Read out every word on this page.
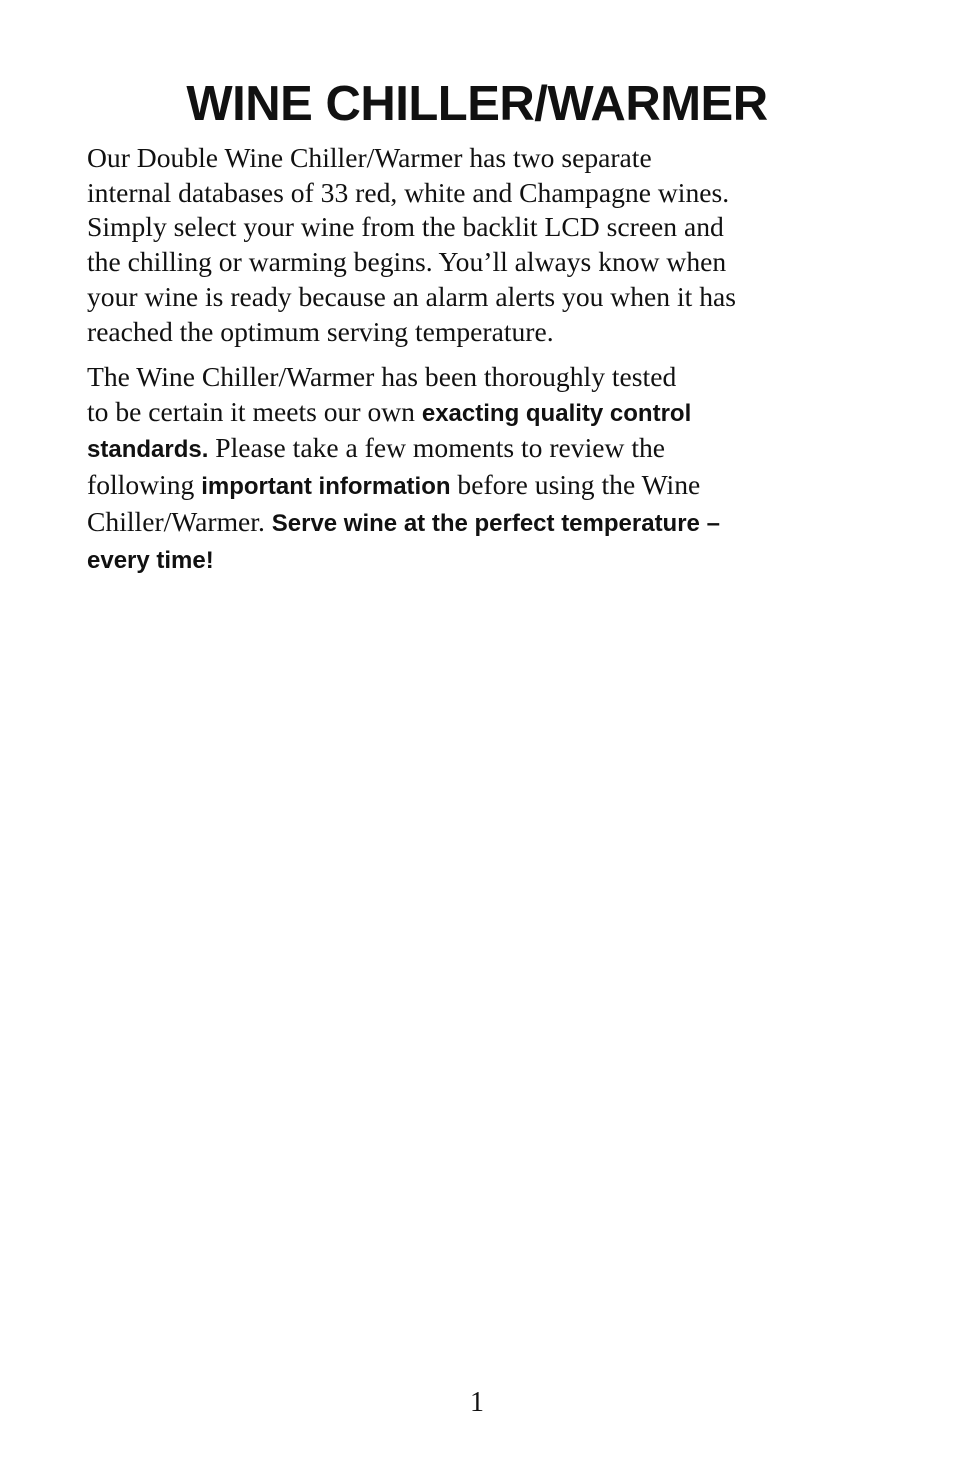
WINE CHILLER/WARMER

Our Double Wine Chiller/Warmer has two separate
internal databases of 33 red, white and Champagne wines.
Simply select your wine from the backlit LCD screen and
the chilling or warming begins. You’ll always know when
your wine is ready because an alarm alerts you when it has
reached the optimum serving temperature.

The Wine Chiller/Warmer has been thoroughly tested
to be certain it meets our own exacting quality control
standards. Please take a few moments to review the
following important information before using the Wine
Chiller/Warmer. Serve wine at the perfect temperature –
every time!

1
